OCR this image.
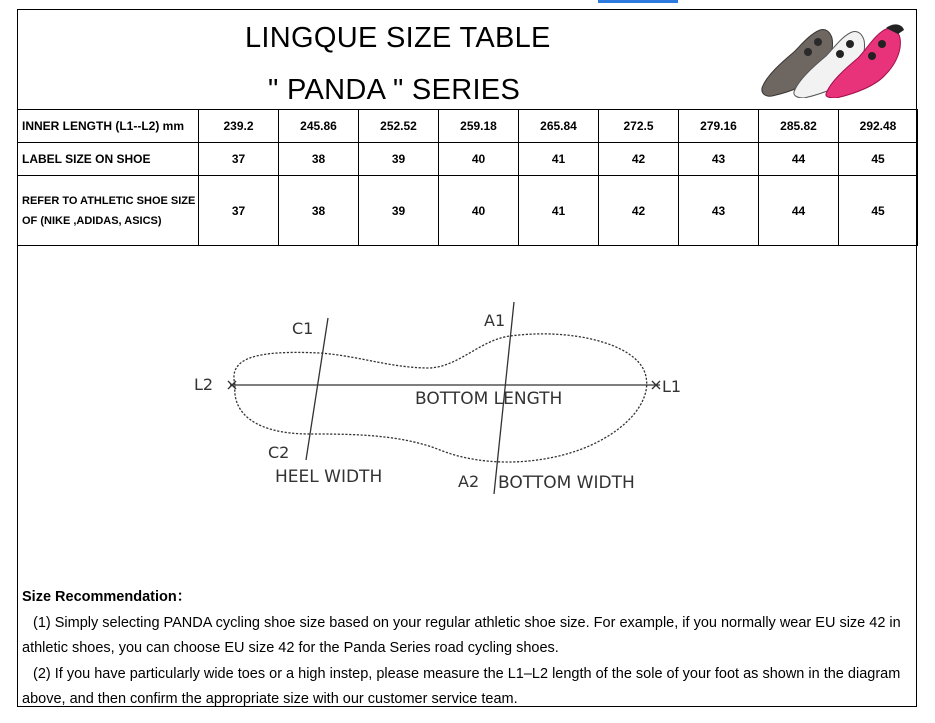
LINGQUE SIZE TABLE
" PANDA " SERIES
INNER LENGTH (L1--L2) mm	239.2	245.86	252.52	259.18	265.84	272.5	279.16	285.82	292.48
LABEL SIZE ON SHOE	37	38	39	40	41	42	43	44	45
REFER TO ATHLETIC SHOE SIZE
OF (NIKE ,ADIDAS, ASICS)	37	38	39	40	41	42	43	44	45
C1	A1
L2	L1
BOTTOM LENGTH
C2
HEEL WIDTH	A2 BOTTOM WIDTH
Size Recommendation：
(1) Simply selecting PANDA cycling shoe size based on your regular athletic shoe size. For example, if you normally wear EU size 42 in athletic shoes, you can choose EU size 42 for the Panda Series road cycling shoes.
(2) If you have particularly wide toes or a high instep, please measure the L1–L2 length of the sole of your foot as shown in the diagram above, and then confirm the appropriate size with our customer service team.
